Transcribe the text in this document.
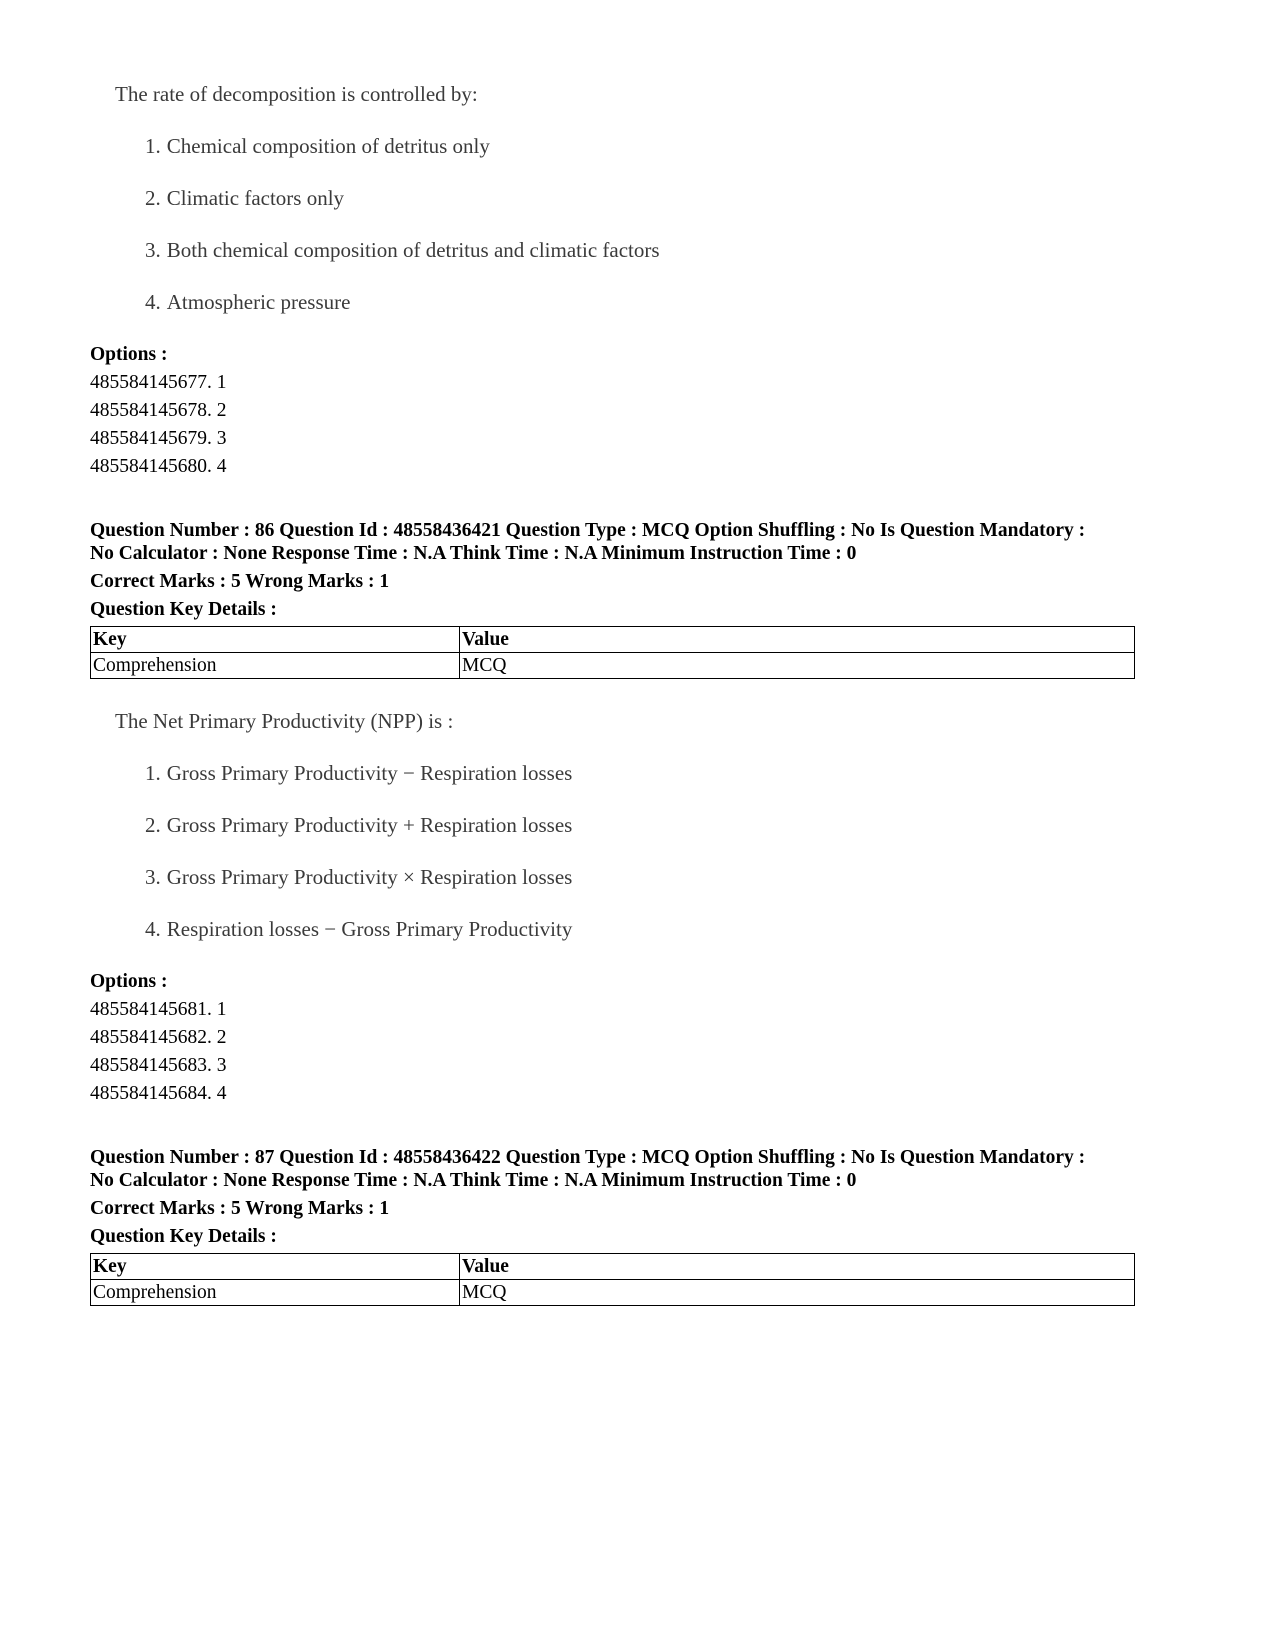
The rate of decomposition is controlled by:
1. Chemical composition of detritus only
2. Climatic factors only
3. Both chemical composition of detritus and climatic factors
4. Atmospheric pressure
Options :
485584145677. 1
485584145678. 2
485584145679. 3
485584145680. 4
Question Number : 86 Question Id : 48558436421 Question Type : MCQ Option Shuffling : No Is Question Mandatory :
No Calculator : None Response Time : N.A Think Time : N.A Minimum Instruction Time : 0
Correct Marks : 5 Wrong Marks : 1
Question Key Details :
Key	Value
Comprehension	MCQ
The Net Primary Productivity (NPP) is :
1. Gross Primary Productivity − Respiration losses
2. Gross Primary Productivity + Respiration losses
3. Gross Primary Productivity × Respiration losses
4. Respiration losses − Gross Primary Productivity
Options :
485584145681. 1
485584145682. 2
485584145683. 3
485584145684. 4
Question Number : 87 Question Id : 48558436422 Question Type : MCQ Option Shuffling : No Is Question Mandatory :
No Calculator : None Response Time : N.A Think Time : N.A Minimum Instruction Time : 0
Correct Marks : 5 Wrong Marks : 1
Question Key Details :
Key	Value
Comprehension	MCQ
